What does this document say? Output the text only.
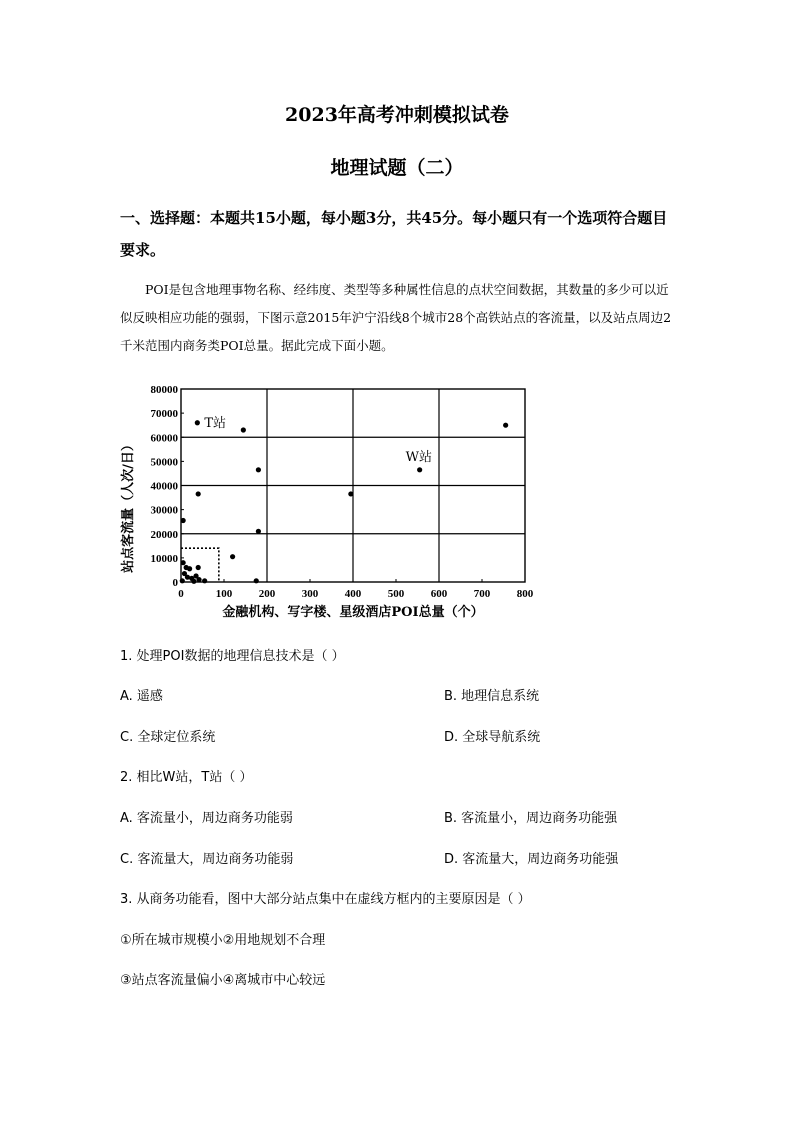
2023年高考冲刺模拟试卷
地理试题（二）
一、选择题：本题共15小题，每小题3分，共45分。每小题只有一个选项符合题目要求。
POI是包含地理事物名称、经纬度、类型等多种属性信息的点状空间数据，其数量的多少可以近似反映相应功能的强弱，下图示意2015年沪宁沿线8个城市28个高铁站点的客流量，以及站点周边2千米范围内商务类POI总量。据此完成下面小题。
0	100 200 300 400 500 600 700 800
0
10000
20000
30000
40000
50000
60000
70000
80000
金融机构、写字楼、星级酒店POI总量（个）
站点客流量（人次/日）
T站
W站
1. 处理POI数据的地理信息技术是（ ）
A. 遥感	B. 地理信息系统
C. 全球定位系统	D. 全球导航系统
2. 相比W站，T站（ ）
A. 客流量小，周边商务功能弱	B. 客流量小，周边商务功能强
C. 客流量大，周边商务功能弱	D. 客流量大，周边商务功能强
3. 从商务功能看，图中大部分站点集中在虚线方框内的主要原因是（ ）
①所在城市规模小②用地规划不合理
③站点客流量偏小④离城市中心较远
